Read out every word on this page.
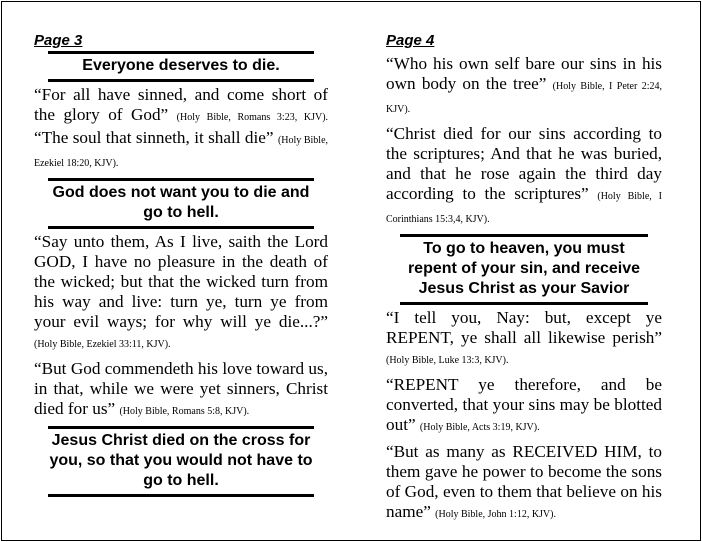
Page 3

Everyone deserves to die.

“For all have sinned, and come short of the glory of God” (Holy Bible, Romans 3:23, KJV). “The soul that sinneth, it shall die” (Holy Bible, Ezekiel 18:20, KJV).

God does not want you to die and go to hell.

“Say unto them, As I live, saith the Lord GOD, I have no pleasure in the death of the wicked; but that the wicked turn from his way and live: turn ye, turn ye from your evil ways; for why will ye die...?” (Holy Bible, Ezekiel 33:11, KJV).

“But God commendeth his love toward us, in that, while we were yet sinners, Christ died for us” (Holy Bible, Romans 5:8, KJV).

Jesus Christ died on the cross for you, so that you would not have to go to hell.

Page 4

“Who his own self bare our sins in his own body on the tree” (Holy Bible, I Peter 2:24, KJV).

“Christ died for our sins according to the scriptures; And that he was buried, and that he rose again the third day according to the scriptures” (Holy Bible, I Corinthians 15:3,4, KJV).

To go to heaven, you must repent of your sin, and receive Jesus Christ as your Savior

“I tell you, Nay: but, except ye REPENT, ye shall all likewise perish” (Holy Bible, Luke 13:3, KJV).

“REPENT ye therefore, and be converted, that your sins may be blotted out” (Holy Bible, Acts 3:19, KJV).

“But as many as RECEIVED HIM, to them gave he power to become the sons of God, even to them that believe on his name” (Holy Bible, John 1:12, KJV).
